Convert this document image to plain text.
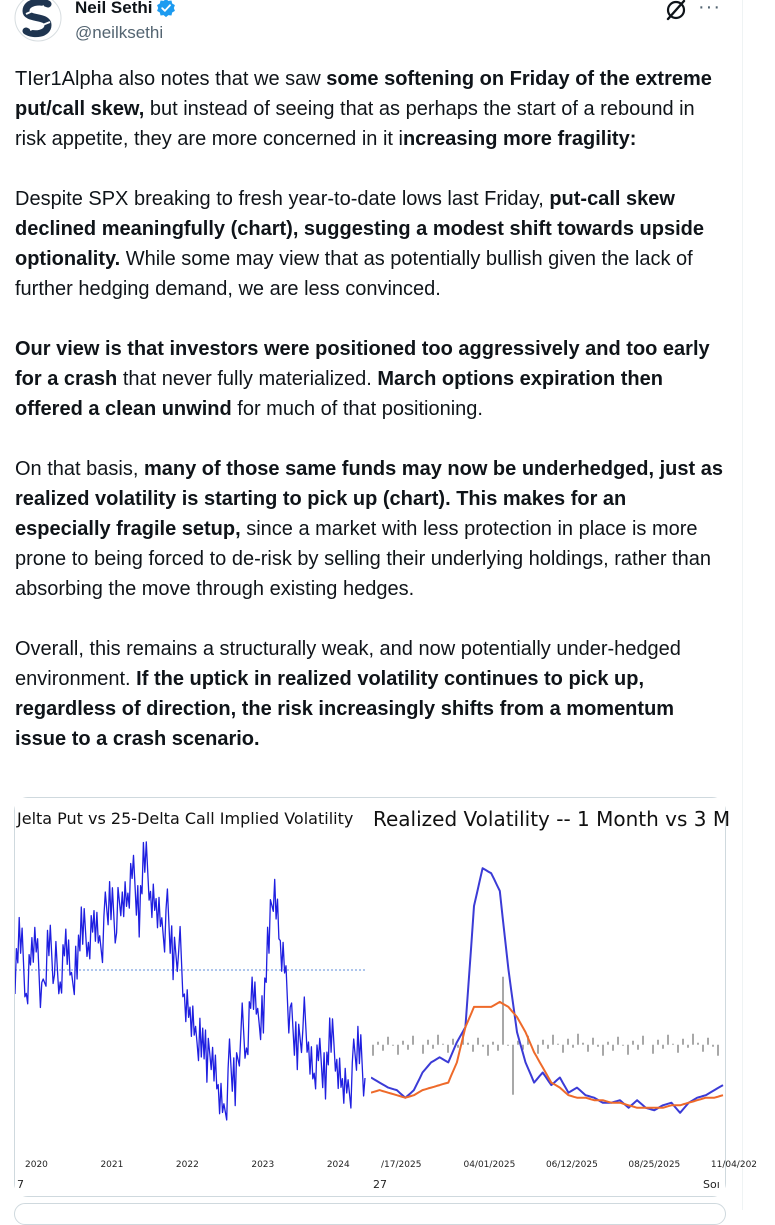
Neil Sethi
@neilksethi
···

TIer1Alpha also notes that we saw some softening on Friday of the extreme put/call skew, but instead of seeing that as perhaps the start of a rebound in risk appetite, they are more concerned in it increasing more fragility:

Despite SPX breaking to fresh year-to-date lows last Friday, put-call skew declined meaningfully (chart), suggesting a modest shift towards upside optionality. While some may view that as potentially bullish given the lack of further hedging demand, we are less convinced.

Our view is that investors were positioned too aggressively and too early for a crash that never fully materialized. March options expiration then offered a clean unwind for much of that positioning.

On that basis, many of those same funds may now be underhedged, just as realized volatility is starting to pick up (chart). This makes for an especially fragile setup, since a market with less protection in place is more prone to being forced to de-risk by selling their underlying holdings, rather than absorbing the move through existing hedges.

Overall, this remains a structurally weak, and now potentially under-hedged environment. If the uptick in realized volatility continues to pick up, regardless of direction, the risk increasingly shifts from a momentum issue to a crash scenario.

Jelta Put vs 25-Delta Call Implied Volatility
2020	2021	2022	2023	2024
7
Realized Volatility -- 1 Month vs 3 M
/17/2025	04/01/2025	06/12/2025	08/25/2025	11/04/202
27	Soı
